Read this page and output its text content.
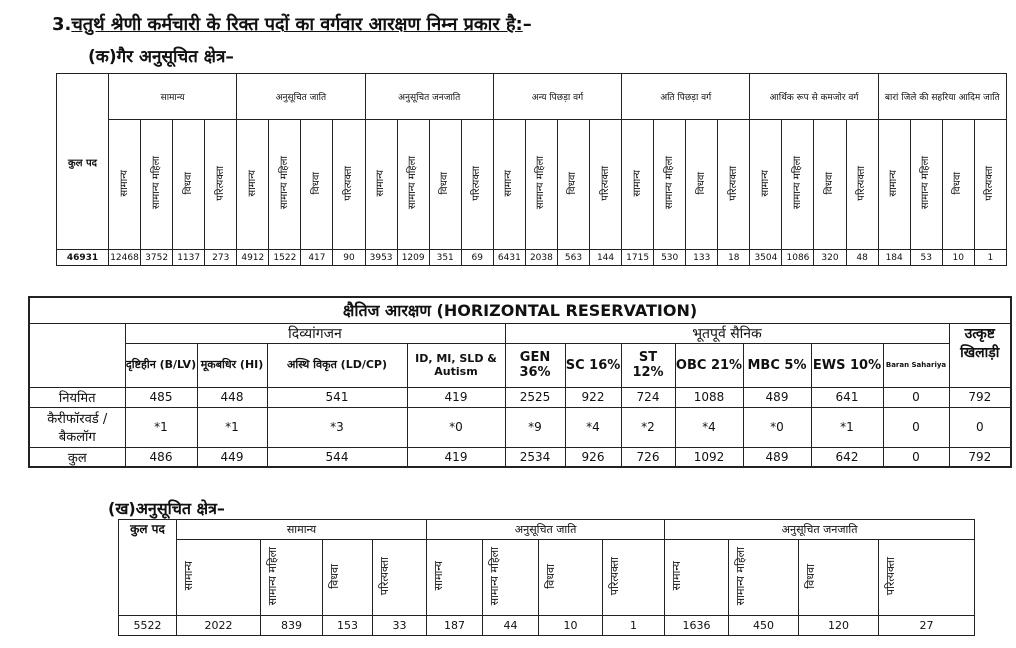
3.चतुर्थ श्रेणी कर्मचारी के रिक्त पदों का वर्गवार आरक्षण निम्न प्रकार है:–
(क)गैर अनुसूचित क्षेत्र–
कुल पद	सामान्य				अनुसूचित जाति				अनुसूचित जनजाति				अन्य पिछड़ा वर्ग				अति पिछड़ा वर्ग				आर्थिक रूप से कमजोर वर्ग				बारां जिले की सहरिया आदिम जाति			
	सामान्य	सामान्य महिला	विधवा	परित्यक्ता	सामान्य	सामान्य महिला	विधवा	परित्यक्ता	सामान्य	सामान्य महिला	विधवा	परित्यक्ता	सामान्य	सामान्य महिला	विधवा	परित्यक्ता	सामान्य	सामान्य महिला	विधवा	परित्यक्ता	सामान्य	सामान्य महिला	विधवा	परित्यक्ता	सामान्य	सामान्य महिला	विधवा	परित्यक्ता
46931	12468	3752	1137	273	4912	1522	417	90	3953	1209	351	69	6431	2038	563	144	1715	530	133	18	3504	1086	320	48	184	53	10	1
क्षैतिज आरक्षण (HORIZONTAL RESERVATION)												
	दिव्यांगजन				भूतपूर्व सैनिक							उत्कृष्ट खिलाड़ी
	दृष्टिहीन (B/LV)	मूकबधिर (HI)	अस्थि विकृत (LD/CP)	ID, MI, SLD & Autism	GEN 36%	SC 16%	ST 12%	OBC 21%	MBC 5%	EWS 10%	Baran Sahariya	
नियमित	485	448	541	419	2525	922	724	1088	489	641	0	792
कैरीफॉरवर्ड / बैकलॉग	*1	*1	*3	*0	*9	*4	*2	*4	*0	*1	0	0
कुल	486	449	544	419	2534	926	726	1092	489	642	0	792
(ख)अनुसूचित क्षेत्र–
कुल पद	सामान्य				अनुसूचित जाति				अनुसूचित जनजाति			
	सामान्य	सामान्य महिला	विधवा	परित्यक्ता	सामान्य	सामान्य महिला	विधवा	परित्यक्ता	सामान्य	सामान्य महिला	विधवा	परित्यक्ता
5522	2022	839	153	33	187	44	10	1	1636	450	120	27
